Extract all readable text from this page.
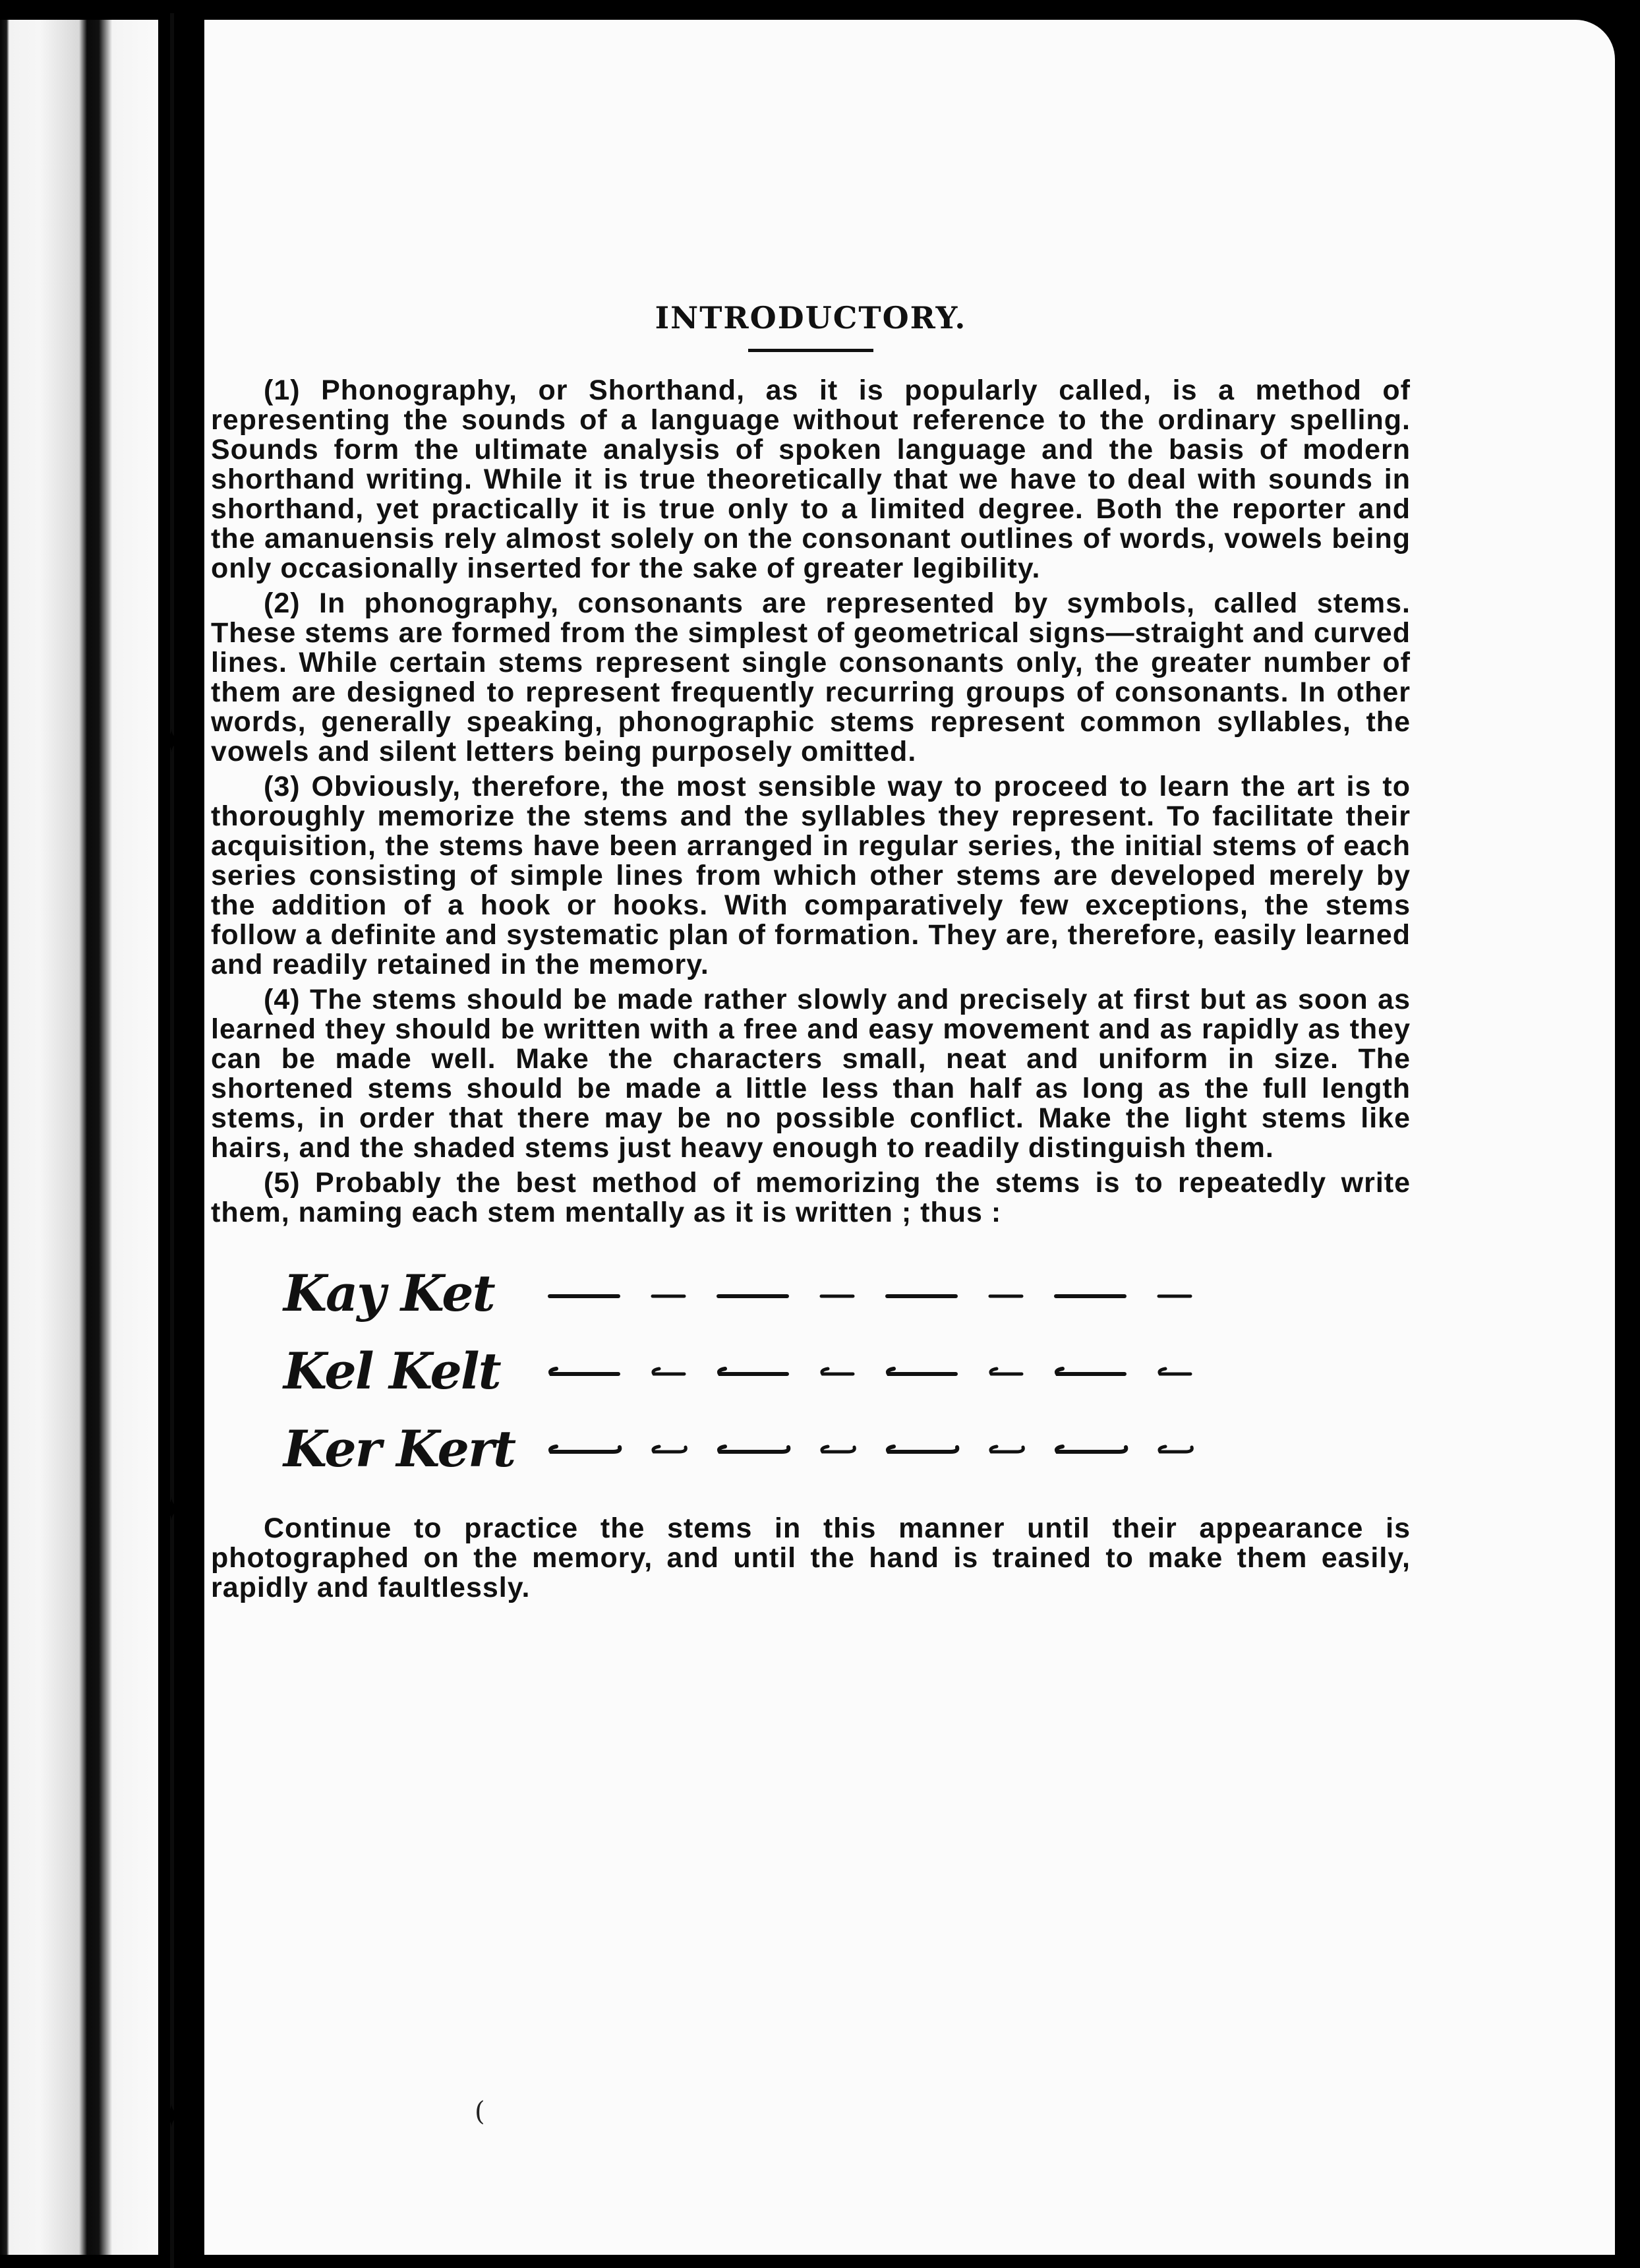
✦
✦
✦
INTRODUCTORY.

(1) Phonography, or Shorthand, as it is popularly called, is a method of representing the sounds of a language without reference to the ordinary spelling. Sounds form the ultimate analysis of spoken language and the basis of modern shorthand writing. While it is true theoretically that we have to deal with sounds in shorthand, yet practically it is true only to a limited degree. Both the reporter and the amanuensis rely almost solely on the consonant outlines of words, vowels being only occasionally inserted for the sake of greater legibility.

(2) In phonography, consonants are represented by symbols, called stems. These stems are formed from the simplest of geometrical signs—straight and curved lines. While certain stems represent single consonants only, the greater number of them are designed to represent frequently recurring groups of consonants. In other words, generally speaking, phonographic stems represent common syllables, the vowels and silent letters being purposely omitted.

(3) Obviously, therefore, the most sensible way to proceed to learn the art is to thoroughly memorize the stems and the syllables they represent. To facilitate their acquisition, the stems have been arranged in regular series, the initial stems of each series consisting of simple lines from which other stems are developed merely by the addition of a hook or hooks. With comparatively few exceptions, the stems follow a definite and systematic plan of formation. They are, therefore, easily learned and readily retained in the memory.

(4) The stems should be made rather slowly and precisely at first but as soon as learned they should be written with a free and easy movement and as rapidly as they can be made well. Make the characters small, neat and uniform in size. The shortened stems should be made a little less than half as long as the full length stems, in order that there may be no possible conflict. Make the light stems like hairs, and the shaded stems just heavy enough to readily distinguish them.

(5) Probably the best method of memorizing the stems is to repeatedly write them, naming each stem mentally as it is written ; thus :

Kay Ket
Kel Kelt
Ker Kert

Continue to practice the stems in this manner until their appearance is photographed on the memory, and until the hand is trained to make them easily, rapidly and faultlessly.

(
